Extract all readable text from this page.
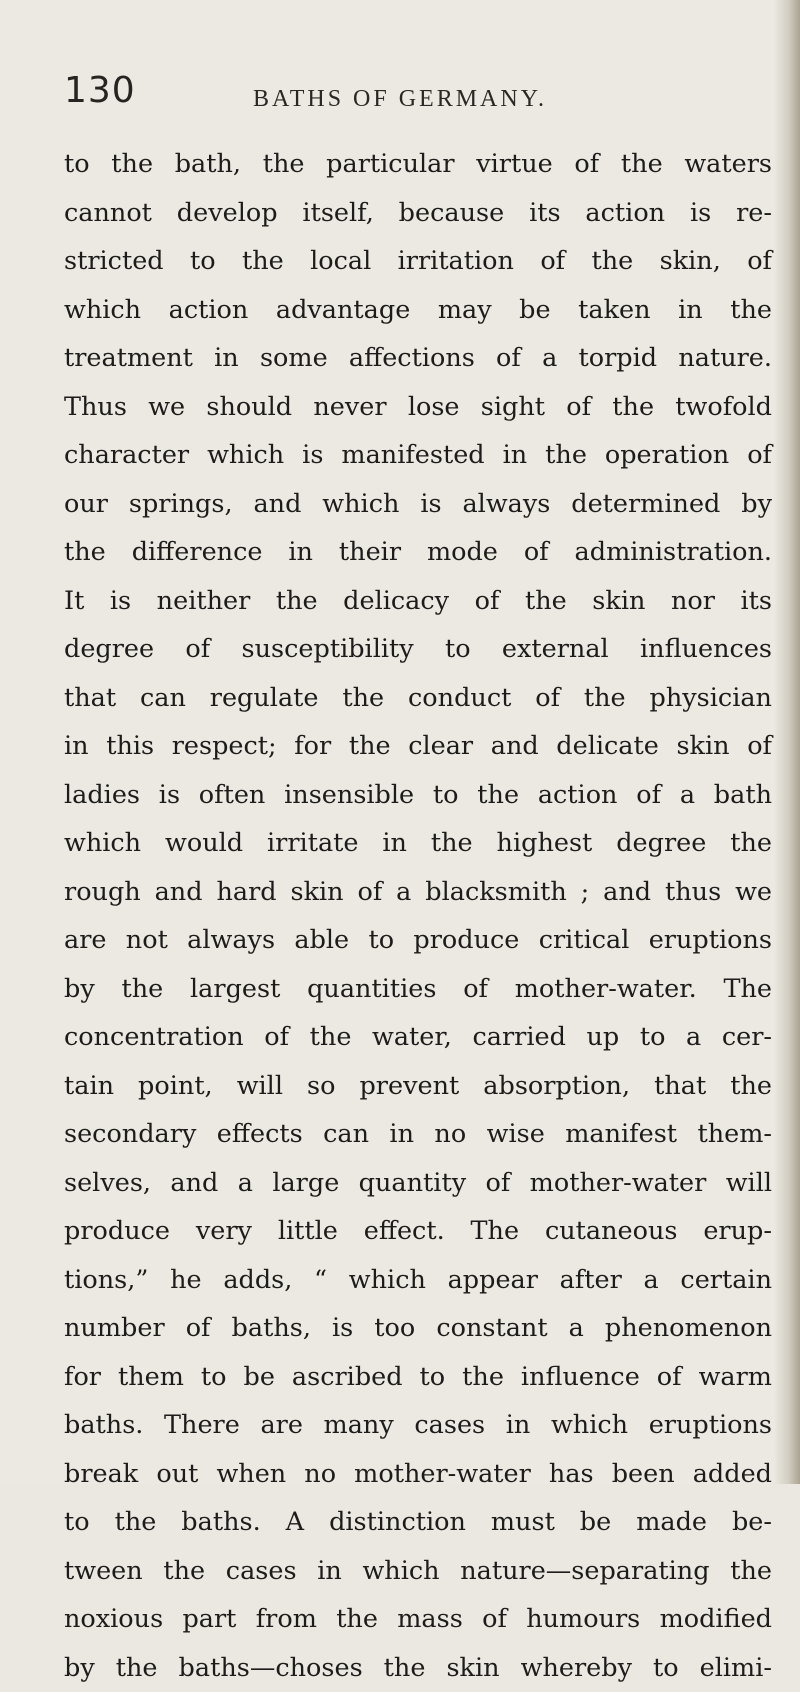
130	BATHS OF GERMANY.
to the bath, the particular virtue of the waters
cannot develop itself, because its action is re-
stricted to the local irritation of the skin, of
which action advantage may be taken in the
treatment in some affections of a torpid nature.
Thus we should never lose sight of the twofold
character which is manifested in the operation of
our springs, and which is always determined by
the difference in their mode of administration.
It is neither the delicacy of the skin nor its
degree of susceptibility to external influences
that can regulate the conduct of the physician
in this respect; for the clear and delicate skin of
ladies is often insensible to the action of a bath
which would irritate in the highest degree the
rough and hard skin of a blacksmith ; and thus we
are not always able to produce critical eruptions
by the largest quantities of mother-water. The
concentration of the water, carried up to a cer-
tain point, will so prevent absorption, that the
secondary effects can in no wise manifest them-
selves, and a large quantity of mother-water will
produce very little effect. The cutaneous erup-
tions,” he adds, “ which appear after a certain
number of baths, is too constant a phenomenon
for them to be ascribed to the influence of warm
baths. There are many cases in which eruptions
break out when no mother-water has been added
to the baths. A distinction must be made be-
tween the cases in which nature—separating the
noxious part from the mass of humours modified
by the baths—choses the skin whereby to elimi-
